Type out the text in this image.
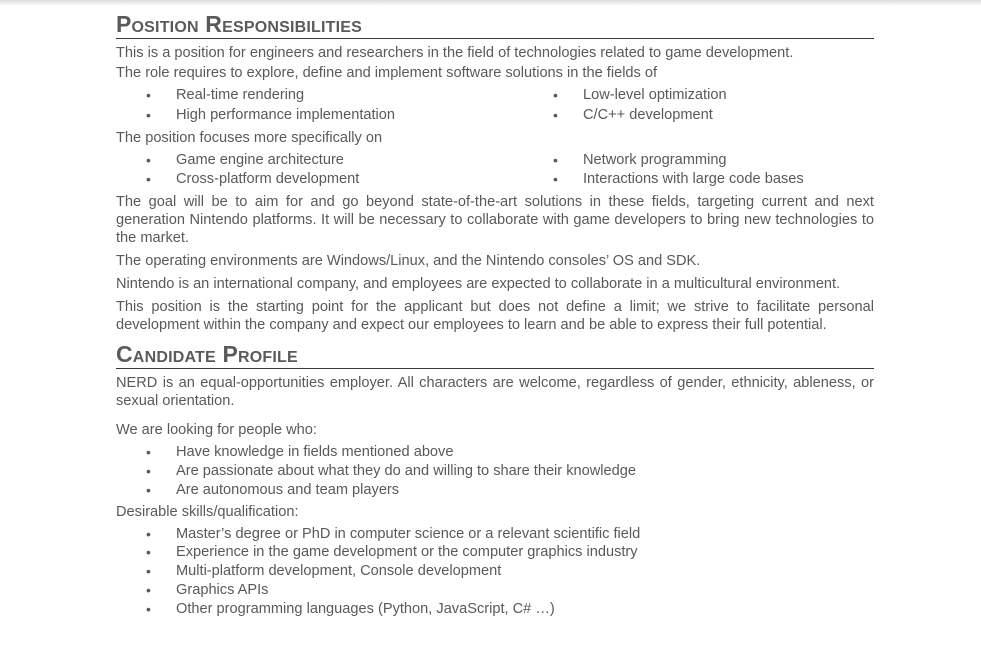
Position Responsibilities

This is a position for engineers and researchers in the field of technologies related to game development.

The role requires to explore, define and implement software solutions in the fields of

• Real-time rendering	• Low-level optimization
• High performance implementation	• C/C++ development

The position focuses more specifically on

• Game engine architecture	• Network programming
• Cross-platform development	• Interactions with large code bases

The goal will be to aim for and go beyond state-of-the-art solutions in these fields, targeting current and next generation Nintendo platforms. It will be necessary to collaborate with game developers to bring new technologies to the market.

The operating environments are Windows/Linux, and the Nintendo consoles’ OS and SDK.

Nintendo is an international company, and employees are expected to collaborate in a multicultural environment.

This position is the starting point for the applicant but does not define a limit; we strive to facilitate personal development within the company and expect our employees to learn and be able to express their full potential.

Candidate Profile

NERD is an equal-opportunities employer. All characters are welcome, regardless of gender, ethnicity, ableness, or sexual orientation.

We are looking for people who:

• Have knowledge in fields mentioned above
• Are passionate about what they do and willing to share their knowledge
• Are autonomous and team players

Desirable skills/qualification:

• Master’s degree or PhD in computer science or a relevant scientific field
• Experience in the game development or the computer graphics industry
• Multi-platform development, Console development
• Graphics APIs
• Other programming languages (Python, JavaScript, C# …)
